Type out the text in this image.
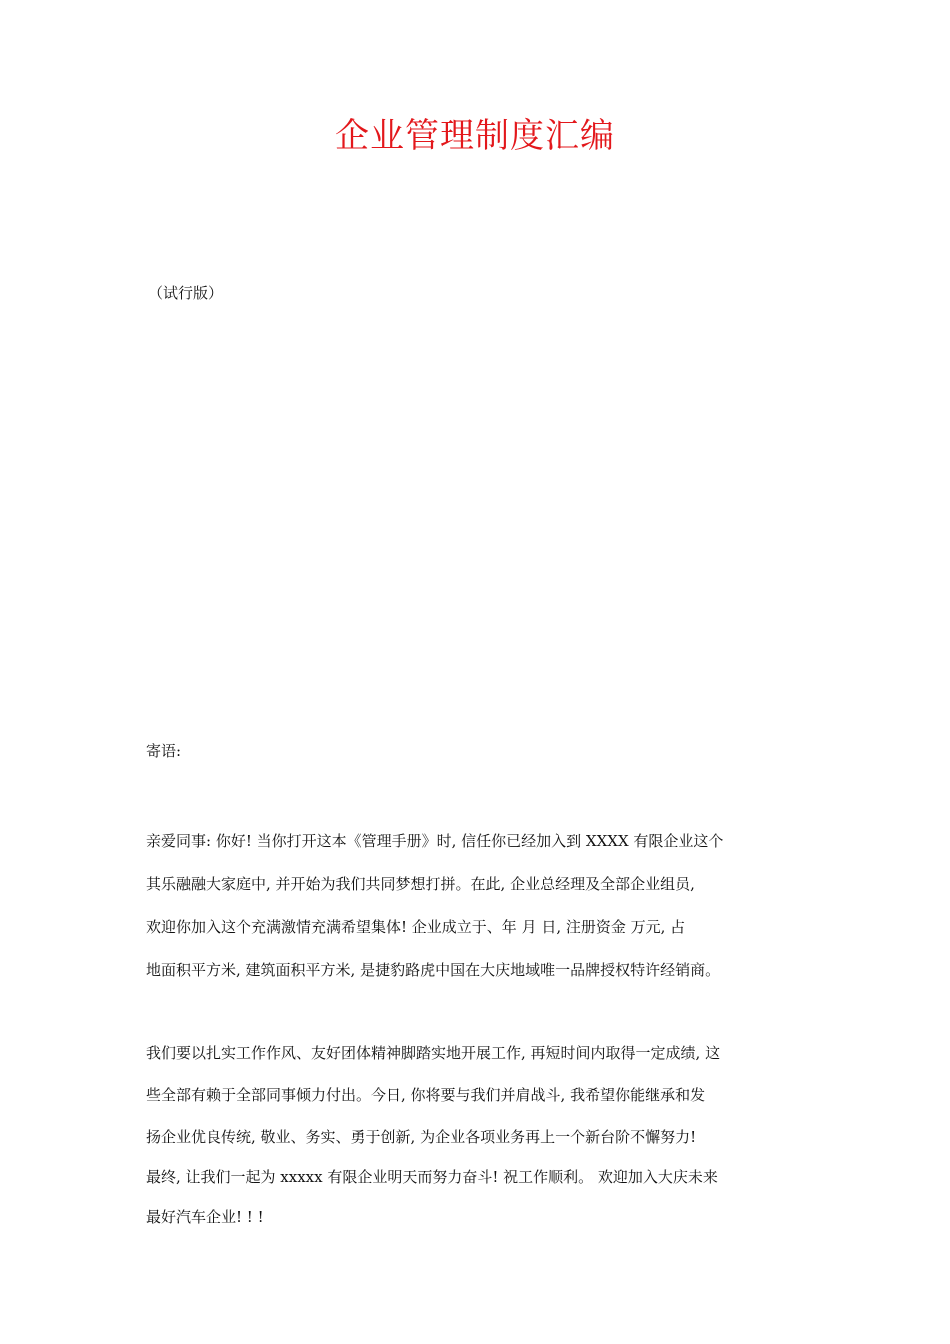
企业管理制度汇编
（试行版）
寄语:
亲爱同事: 你好! 当你打开这本《管理手册》时, 信任你已经加入到 XXXX 有限企业这个
其乐融融大家庭中, 并开始为我们共同梦想打拼。在此, 企业总经理及全部企业组员,
欢迎你加入这个充满激情充满希望集体! 企业成立于、年 月 日, 注册资金 万元, 占
地面积平方米, 建筑面积平方米, 是捷豹路虎中国在大庆地域唯一品牌授权特许经销商。
我们要以扎实工作作风、友好团体精神脚踏实地开展工作, 再短时间内取得一定成绩, 这
些全部有赖于全部同事倾力付出。今日, 你将要与我们并肩战斗, 我希望你能继承和发
扬企业优良传统, 敬业、务实、勇于创新, 为企业各项业务再上一个新台阶不懈努力!
最终, 让我们一起为 xxxxx 有限企业明天而努力奋斗! 祝工作顺利。 欢迎加入大庆未来
最好汽车企业! ! !
